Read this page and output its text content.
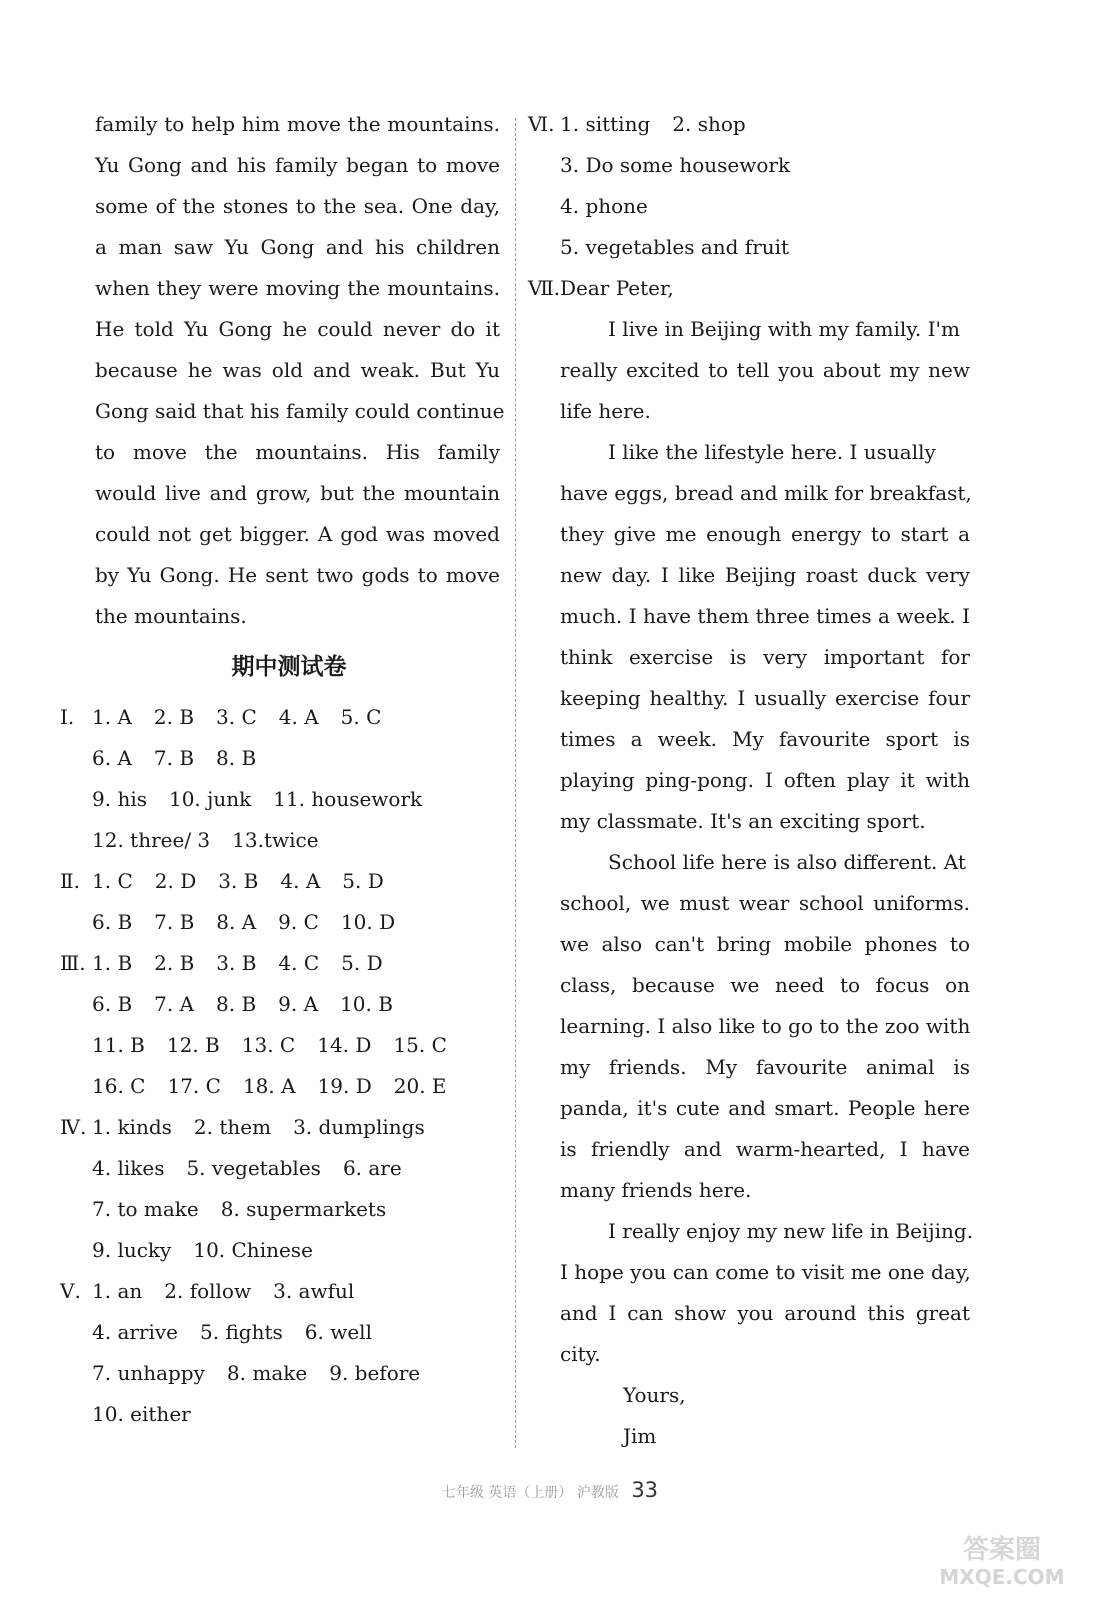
family to help him move the mountains.
Yu Gong and his family began to move
some of the stones to the sea. One day,
a man saw Yu Gong and his children
when they were moving the mountains.
He told Yu Gong he could never do it
because he was old and weak. But Yu
Gong said that his family could continue
to move the mountains. His family
would live and grow, but the mountain
could not get bigger. A god was moved
by Yu Gong. He sent two gods to move
the mountains.
期中测试卷
Ⅰ. 1. A 2. B 3. C 4. A 5. C
6. A 7. B 8. B
9. his 10. junk 11. housework
12. three/ 3 13.twice
Ⅱ. 1. C 2. D 3. B 4. A 5. D
6. B 7. B 8. A 9. C 10. D
Ⅲ. 1. B 2. B 3. B 4. C 5. D
6. B 7. A 8. B 9. A 10. B
11. B 12. B 13. C 14. D 15. C
16. C 17. C 18. A 19. D 20. E
Ⅳ. 1. kinds 2. them 3. dumplings
4. likes 5. vegetables 6. are
7. to make 8. supermarkets
9. lucky 10. Chinese
Ⅴ. 1. an 2. follow 3. awful
4. arrive 5. fights 6. well
7. unhappy 8. make 9. before
10. either
Ⅵ. 1. sitting 2. shop
3. Do some housework
4. phone
5. vegetables and fruit
Ⅶ.Dear Peter,
I live in Beijing with my family. I'm
really excited to tell you about my new
life here.
I like the lifestyle here. I usually
have eggs, bread and milk for breakfast,
they give me enough energy to start a
new day. I like Beijing roast duck very
much. I have them three times a week. I
think exercise is very important for
keeping healthy. I usually exercise four
times a week. My favourite sport is
playing ping-pong. I often play it with
my classmate. It's an exciting sport.
School life here is also different. At
school, we must wear school uniforms.
we also can't bring mobile phones to
class, because we need to focus on
learning. I also like to go to the zoo with
my friends. My favourite animal is
panda, it's cute and smart. People here
is friendly and warm-hearted, I have
many friends here.
I really enjoy my new life in Beijing.
I hope you can come to visit me one day,
and I can show you around this great
city.
Yours,
Jim
七年级 英语（上册） 沪教版 33
答案圈
MXQE.COM
